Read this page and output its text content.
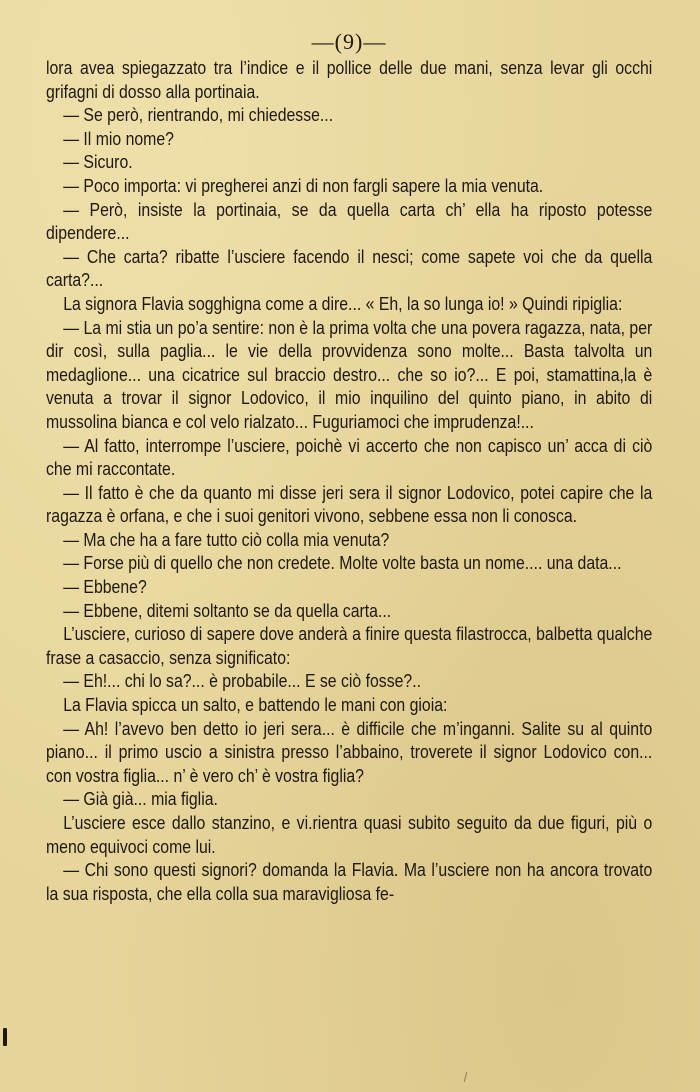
—(9)—

lora avea spiegazzato tra l’indice e il pollice delle due mani, senza levar gli occhi grifagni di dosso alla portinaia.

— Se però, rientrando, mi chiedesse...

— Il mio nome?

— Sicuro.

— Poco importa: vi pregherei anzi di non fargli sapere la mia venuta.

— Però, insiste la portinaia, se da quella carta ch’ ella ha riposto potesse dipendere...

— Che carta? ribatte l’usciere facendo il nesci; come sapete voi che da quella carta?...

La signora Flavia sogghigna come a dire... « Eh, la so lunga io! » Quindi ripiglia:

— La mi stia un po’a sentire: non è la prima volta che una povera ragazza, nata, per dir così, sulla paglia... le vie della provvidenza sono molte... Basta talvolta un medaglione... una cicatrice sul braccio destro... che so io?... E poi, stamattina,la è venuta a trovar il signor Lodovico, il mio inquilino del quinto piano, in abito di mussolina bianca e col velo rialzato... Fuguriamoci che imprudenza!...

— Al fatto, interrompe l’usciere, poichè vi accerto che non capisco un’ acca di ciò che mi raccontate.

— Il fatto è che da quanto mi disse jeri sera il signor Lodovico, potei capire che la ragazza è orfana, e che i suoi genitori vivono, sebbene essa non li conosca.

— Ma che ha a fare tutto ciò colla mia venuta?

— Forse più di quello che non credete. Molte volte basta un nome.... una data...

— Ebbene?

— Ebbene, ditemi soltanto se da quella carta...

L’usciere, curioso di sapere dove anderà a finire questa filastrocca, balbetta qualche frase a casaccio, senza significato:

— Eh!... chi lo sa?... è probabile... E se ciò fosse?..

La Flavia spicca un salto, e battendo le mani con gioia:

— Ah! l’avevo ben detto io jeri sera... è difficile che m’inganni. Salite su al quinto piano... il primo uscio a sinistra presso l’abbaino, troverete il signor Lodovico con... con vostra figlia... n’ è vero ch’ è vostra figlia?

— Già già... mia figlia.

L’usciere esce dallo stanzino, e vi.rientra quasi subito seguito da due figuri, più o meno equivoci come lui.

— Chi sono questi signori? domanda la Flavia. Ma l’usciere non ha ancora trovato la sua risposta, che ella colla sua maravigliosa fe-
